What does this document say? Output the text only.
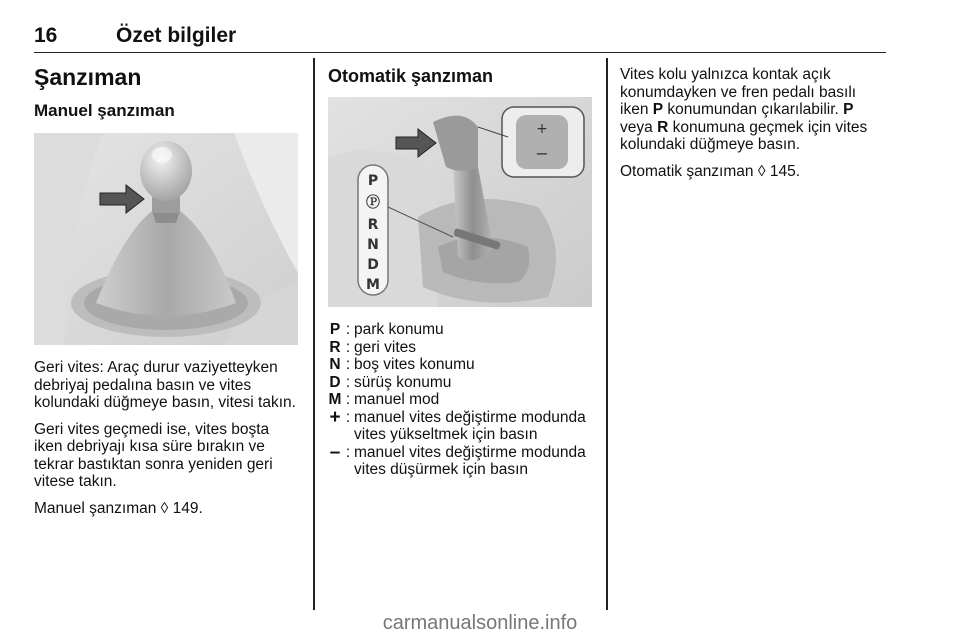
16	Özet bilgiler
Şanzıman
Manuel şanzıman

Geri vites: Araç durur vaziyetteyken debriyaj pedalına basın ve vites kolundaki düğmeye basın, vitesi takın.

Geri vites geçmedi ise, vites boşta iken debriyajı kısa süre bırakın ve tekrar bastıktan sonra yeniden geri vitese takın.

Manuel şanzıman ◊ 149.

Otomatik şanzıman
+
−
P
Ⓟ
R
N
D
M
P : park konumu
R : geri vites
N : boş vites konumu
D : sürüş konumu
M : manuel mod
+ : manuel vites değiştirme modunda vites yükseltmek için basın
– : manuel vites değiştirme modunda vites düşürmek için basın

Vites kolu yalnızca kontak açık konumdayken ve fren pedalı basılı iken P konumundan çıkarılabilir. P veya R konumuna geçmek için vites kolundaki düğmeye basın.

Otomatik şanzıman ◊ 145.

carmanualsonline.info
